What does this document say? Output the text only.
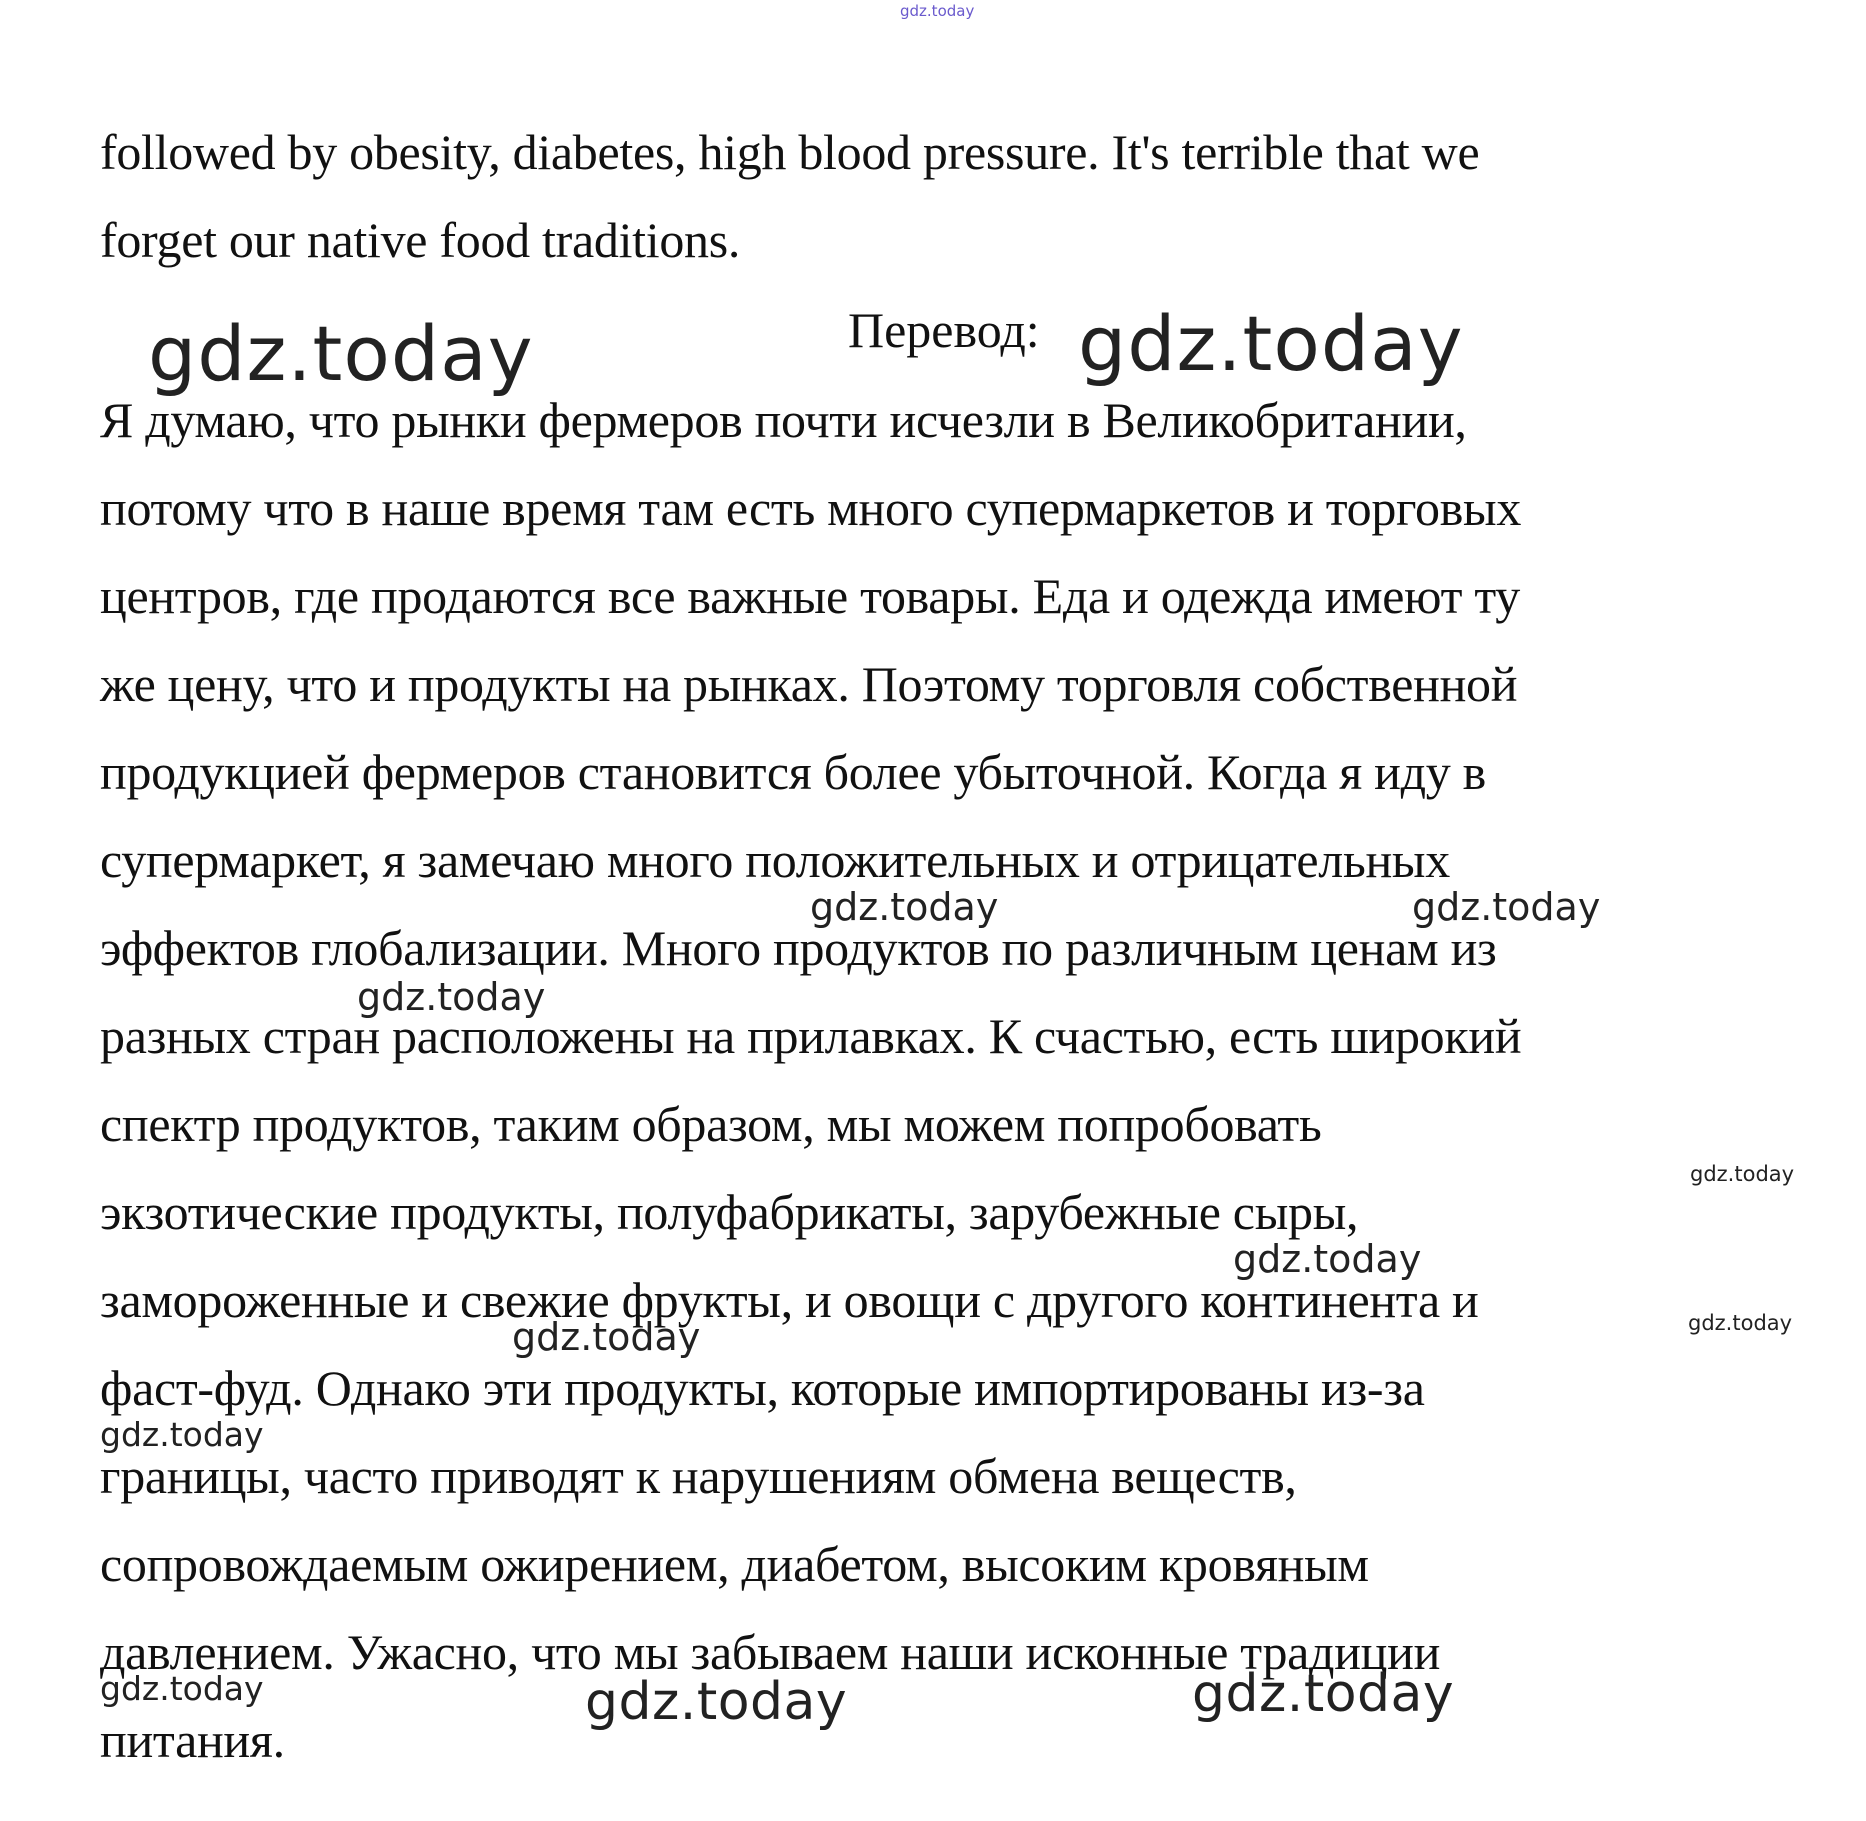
gdz.today
followed by obesity, diabetes, high blood pressure. It's terrible that we
forget our native food traditions.
Перевод:
gdz.today	gdz.today
Я думаю, что рынки фермеров почти исчезли в Великобритании,
потому что в наше время там есть много супермаркетов и торговых
центров, где продаются все важные товары. Еда и одежда имеют ту
же цену, что и продукты на рынках. Поэтому торговля собственной
продукцией фермеров становится более убыточной. Когда я иду в
супермаркет, я замечаю много положительных и отрицательных
эффектов глобализации. Много продуктов по различным ценам из
разных стран расположены на прилавках. К счастью, есть широкий
спектр продуктов, таким образом, мы можем попробовать
экзотические продукты, полуфабрикаты, зарубежные сыры,
замороженные и свежие фрукты, и овощи с другого континента и
фаст-фуд. Однако эти продукты, которые импортированы из-за
границы, часто приводят к нарушениям обмена веществ,
сопровождаемым ожирением, диабетом, высоким кровяным
давлением. Ужасно, что мы забываем наши исконные традиции
питания.
gdz.today	gdz.today
gdz.today
gdz.today
gdz.today
gdz.today
gdz.today
gdz.today
gdz.today	gdz.today	gdz.today
